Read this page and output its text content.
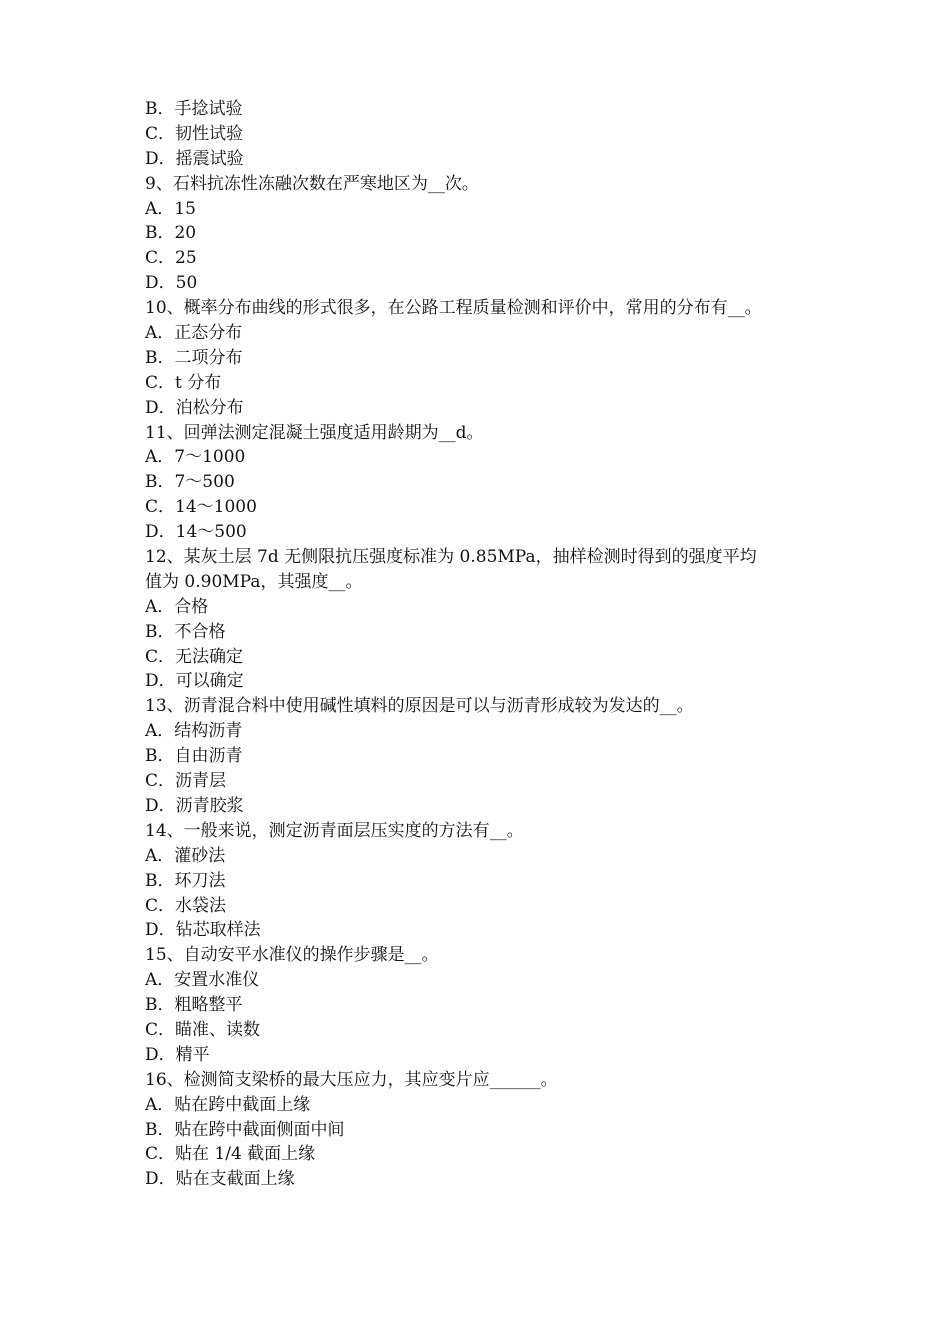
B．手捻试验
C．韧性试验
D．摇震试验
9、石料抗冻性冻融次数在严寒地区为__次。
A．15
B．20
C．25
D．50
10、概率分布曲线的形式很多，在公路工程质量检测和评价中，常用的分布有__。
A．正态分布
B．二项分布
C．t 分布
D．泊松分布
11、回弹法测定混凝土强度适用龄期为__d。
A．7～1000
B．7～500
C．14～1000
D．14～500
12、某灰土层 7d 无侧限抗压强度标准为 0.85MPa，抽样检测时得到的强度平均
值为 0.90MPa，其强度__。
A．合格
B．不合格
C．无法确定
D．可以确定
13、沥青混合料中使用碱性填料的原因是可以与沥青形成较为发达的__。
A．结构沥青
B．自由沥青
C．沥青层
D．沥青胶浆
14、一般来说，测定沥青面层压实度的方法有__。
A．灌砂法
B．环刀法
C．水袋法
D．钻芯取样法
15、自动安平水准仪的操作步骤是__。
A．安置水准仪
B．粗略整平
C．瞄准、读数
D．精平
16、检测简支梁桥的最大压应力，其应变片应______。
A．贴在跨中截面上缘
B．贴在跨中截面侧面中间
C．贴在 1/4 截面上缘
D．贴在支截面上缘
